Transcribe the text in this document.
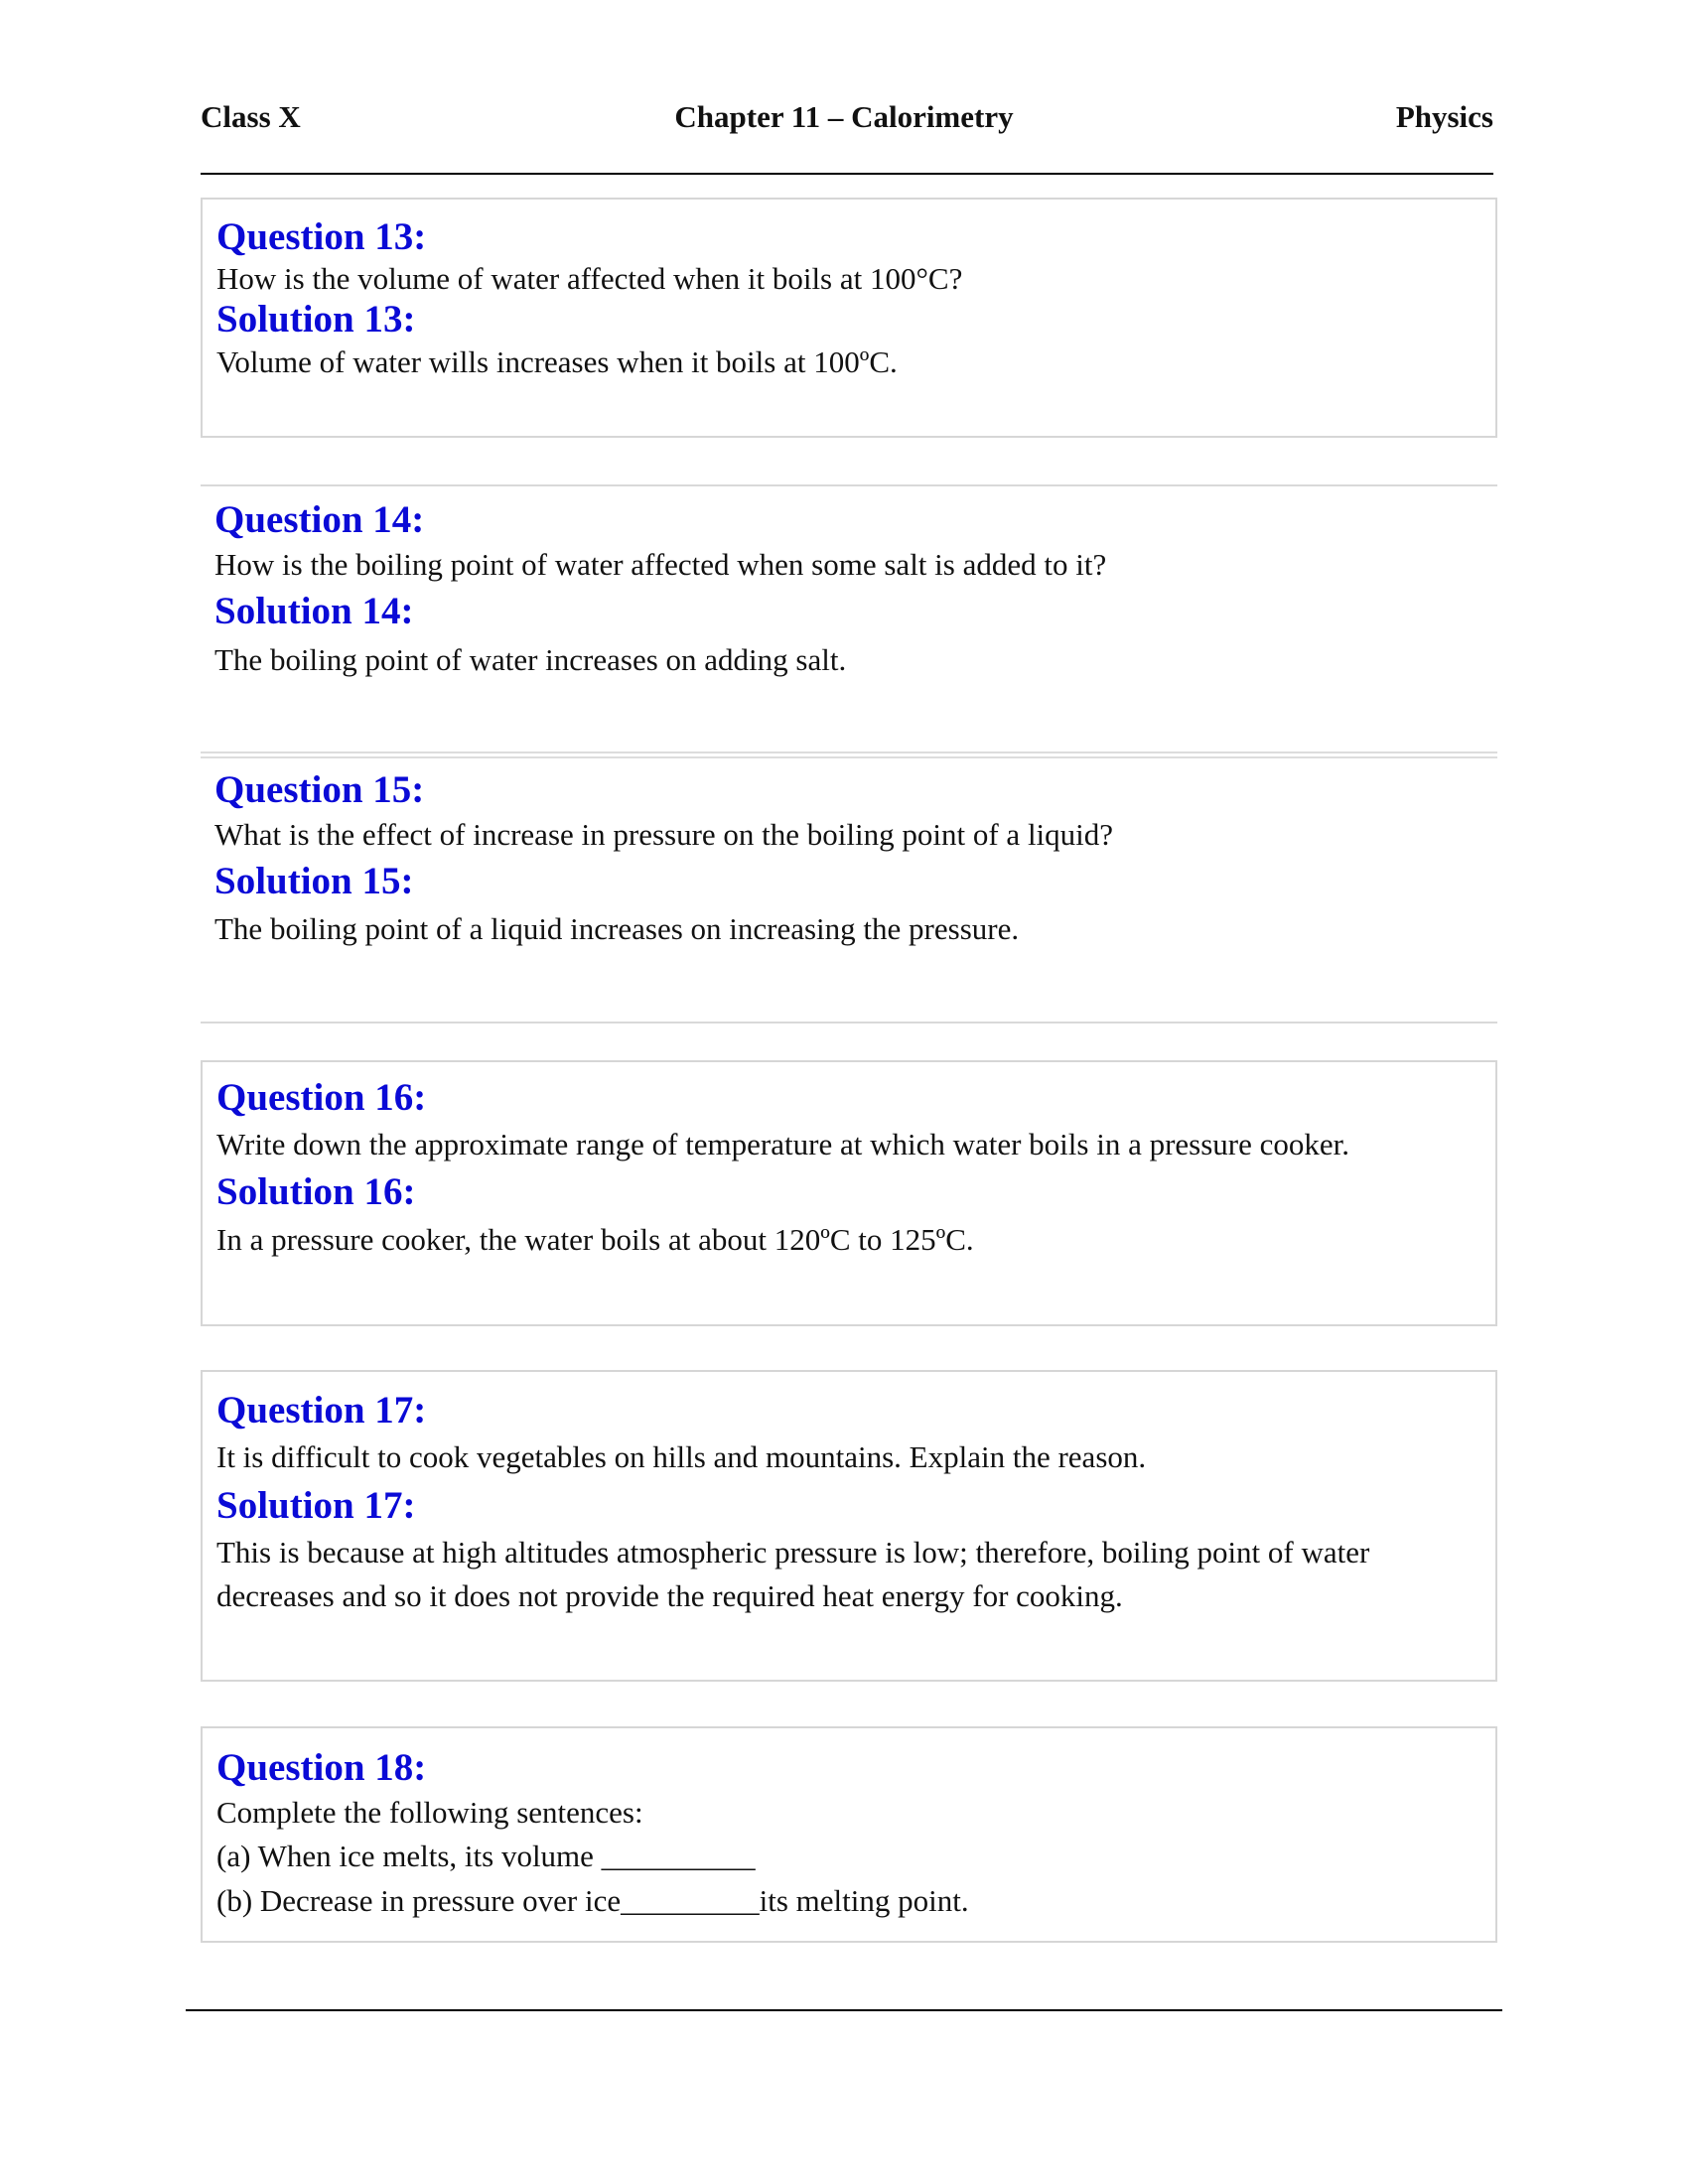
Class X	Chapter 11 – Calorimetry	Physics
Question 13:
How is the volume of water affected when it boils at 100°C?
Solution 13:
Volume of water wills increases when it boils at 100ºC.
Question 14:
How is the boiling point of water affected when some salt is added to it?
Solution 14:
The boiling point of water increases on adding salt.
Question 15:
What is the effect of increase in pressure on the boiling point of a liquid?
Solution 15:
The boiling point of a liquid increases on increasing the pressure.
Question 16:
Write down the approximate range of temperature at which water boils in a pressure cooker.
Solution 16:
In a pressure cooker, the water boils at about 120ºC to 125ºC.
Question 17:
It is difficult to cook vegetables on hills and mountains. Explain the reason.
Solution 17:
This is because at high altitudes atmospheric pressure is low; therefore, boiling point of water decreases and so it does not provide the required heat energy for cooking.
Question 18:
Complete the following sentences:
(a) When ice melts, its volume __________
(b) Decrease in pressure over ice_________its melting point.
